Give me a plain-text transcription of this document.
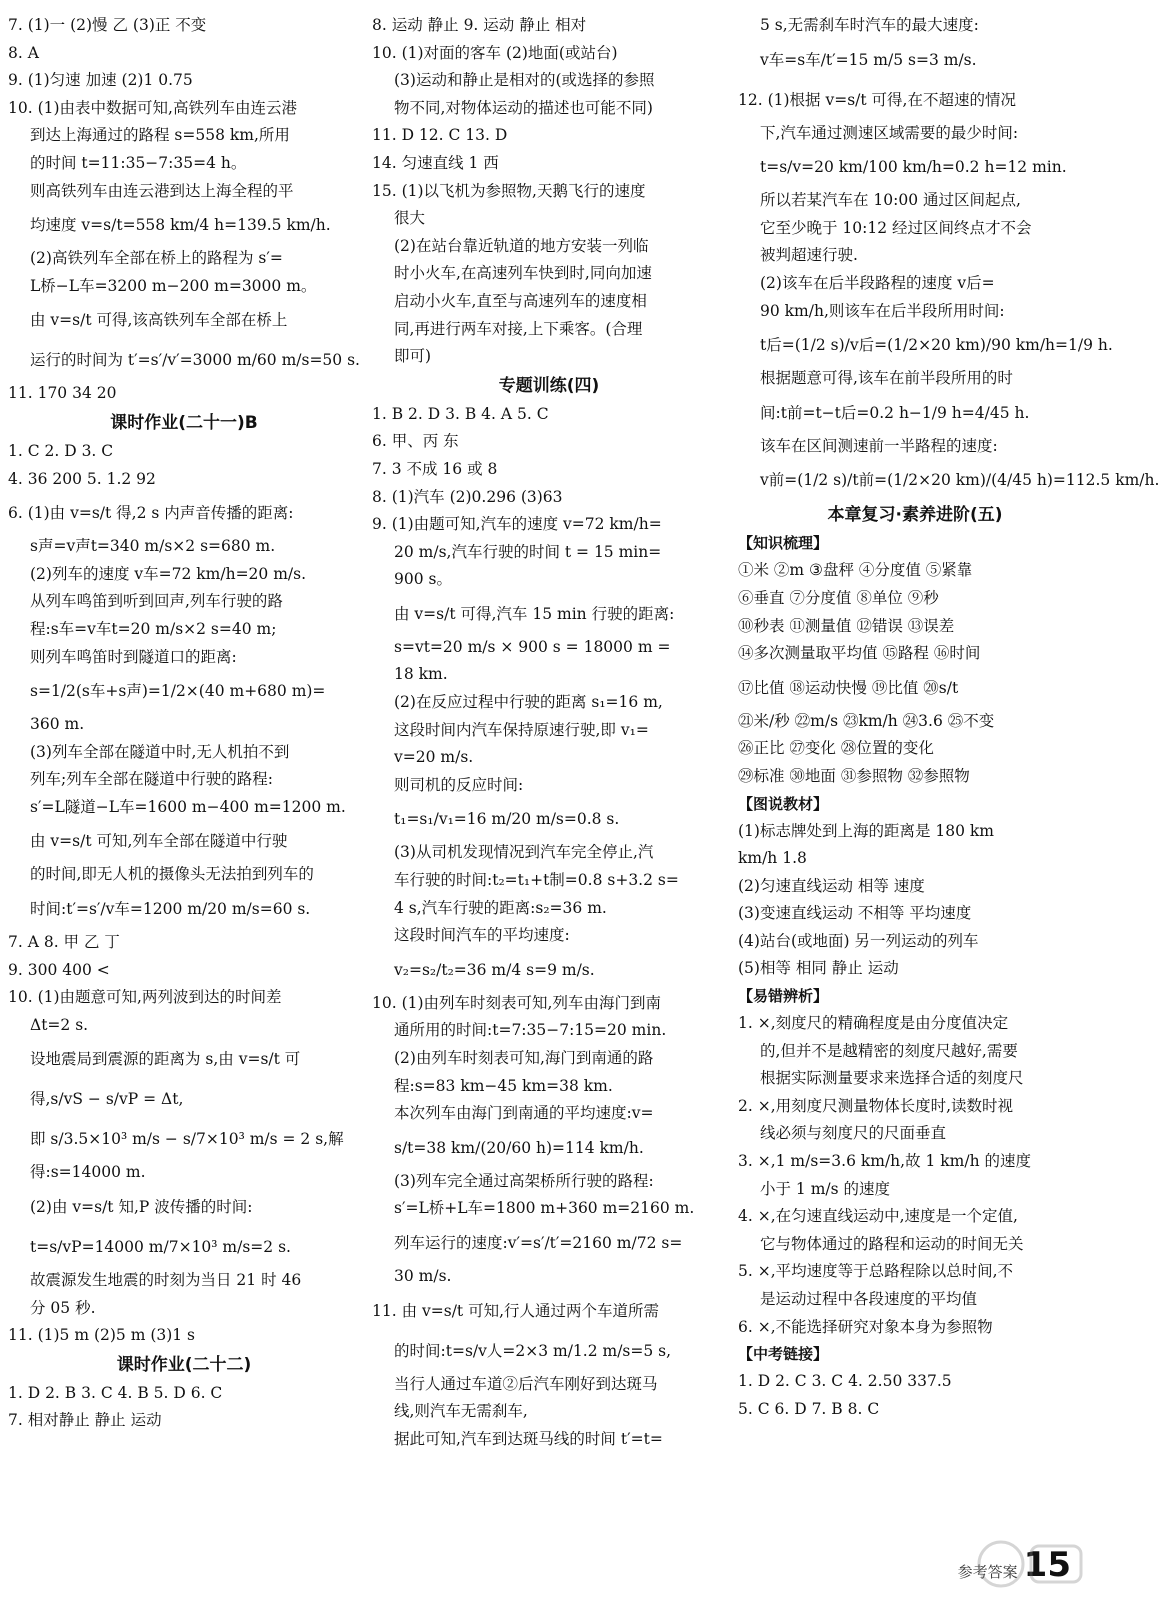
7. (1)一 (2)慢 乙 (3)正 不变
8. A
9. (1)匀速 加速 (2)1 0.75
10. (1)由表中数据可知,高铁列车由连云港
到达上海通过的路程 s=558 km,所用
的时间 t=11:35−7:35=4 h。
则高铁列车由连云港到达上海全程的平
均速度 v=s/t=558 km/4 h=139.5 km/h.
(2)高铁列车全部在桥上的路程为 s′=
L桥−L车=3200 m−200 m=3000 m。
由 v=s/t 可得,该高铁列车全部在桥上
运行的时间为 t′=s′/v′=3000 m/60 m/s=50 s.
11. 170 34 20
课时作业(二十一)B
1. C 2. D 3. C
4. 36 200 5. 1.2 92
6. (1)由 v=s/t 得,2 s 内声音传播的距离:
s声=v声t=340 m/s×2 s=680 m.
(2)列车的速度 v车=72 km/h=20 m/s.
从列车鸣笛到听到回声,列车行驶的路
程:s车=v车t=20 m/s×2 s=40 m;
则列车鸣笛时到隧道口的距离:
s=1/2(s车+s声)=1/2×(40 m+680 m)=
360 m.
(3)列车全部在隧道中时,无人机拍不到
列车;列车全部在隧道中行驶的路程:
s′=L隧道−L车=1600 m−400 m=1200 m.
由 v=s/t 可知,列车全部在隧道中行驶
的时间,即无人机的摄像头无法拍到列车的
时间:t′=s′/v车=1200 m/20 m/s=60 s.
7. A 8. 甲 乙 丁
9. 300 400 <
10. (1)由题意可知,两列波到达的时间差
Δt=2 s.
设地震局到震源的距离为 s,由 v=s/t 可
得,s/vS − s/vP = Δt,
即 s/3.5×10³ m/s − s/7×10³ m/s = 2 s,解
得:s=14000 m.
(2)由 v=s/t 知,P 波传播的时间:
t=s/vP=14000 m/7×10³ m/s=2 s.
故震源发生地震的时刻为当日 21 时 46
分 05 秒.
11. (1)5 m (2)5 m (3)1 s
课时作业(二十二)
1. D 2. B 3. C 4. B 5. D 6. C
7. 相对静止 静止 运动
8. 运动 静止 9. 运动 静止 相对
10. (1)对面的客车 (2)地面(或站台)
(3)运动和静止是相对的(或选择的参照
物不同,对物体运动的描述也可能不同)
11. D 12. C 13. D
14. 匀速直线 1 西
15. (1)以飞机为参照物,天鹅飞行的速度
很大
(2)在站台靠近轨道的地方安装一列临
时小火车,在高速列车快到时,同向加速
启动小火车,直至与高速列车的速度相
同,再进行两车对接,上下乘客。(合理
即可)
专题训练(四)
1. B 2. D 3. B 4. A 5. C
6. 甲、丙 东
7. 3 不成 16 或 8
8. (1)汽车 (2)0.296 (3)63
9. (1)由题可知,汽车的速度 v=72 km/h=
20 m/s,汽车行驶的时间 t = 15 min=
900 s。
由 v=s/t 可得,汽车 15 min 行驶的距离:
s=vt=20 m/s × 900 s = 18000 m =
18 km.
(2)在反应过程中行驶的距离 s₁=16 m,
这段时间内汽车保持原速行驶,即 v₁=
v=20 m/s.
则司机的反应时间:
t₁=s₁/v₁=16 m/20 m/s=0.8 s.
(3)从司机发现情况到汽车完全停止,汽
车行驶的时间:t₂=t₁+t制=0.8 s+3.2 s=
4 s,汽车行驶的距离:s₂=36 m.
这段时间汽车的平均速度:
v₂=s₂/t₂=36 m/4 s=9 m/s.
10. (1)由列车时刻表可知,列车由海门到南
通所用的时间:t=7:35−7:15=20 min.
(2)由列车时刻表可知,海门到南通的路
程:s=83 km−45 km=38 km.
本次列车由海门到南通的平均速度:v=
s/t=38 km/(20/60 h)=114 km/h.
(3)列车完全通过高架桥所行驶的路程:
s′=L桥+L车=1800 m+360 m=2160 m.
列车运行的速度:v′=s′/t′=2160 m/72 s=
30 m/s.
11. 由 v=s/t 可知,行人通过两个车道所需
的时间:t=s/v人=2×3 m/1.2 m/s=5 s,
当行人通过车道②后汽车刚好到达斑马
线,则汽车无需刹车,
据此可知,汽车到达斑马线的时间 t′=t=
5 s,无需刹车时汽车的最大速度:
v车=s车/t′=15 m/5 s=3 m/s.
12. (1)根据 v=s/t 可得,在不超速的情况
下,汽车通过测速区域需要的最少时间:
t=s/v=20 km/100 km/h=0.2 h=12 min.
所以若某汽车在 10:00 通过区间起点,
它至少晚于 10:12 经过区间终点才不会
被判超速行驶.
(2)该车在后半段路程的速度 v后=
90 km/h,则该车在后半段所用时间:
t后=(1/2 s)/v后=(1/2×20 km)/90 km/h=1/9 h.
根据题意可得,该车在前半段所用的时
间:t前=t−t后=0.2 h−1/9 h=4/45 h.
该车在区间测速前一半路程的速度:
v前=(1/2 s)/t前=(1/2×20 km)/(4/45 h)=112.5 km/h.
本章复习·素养进阶(五)
【知识梳理】
①米 ②m ③盘秤 ④分度值 ⑤紧靠
⑥垂直 ⑦分度值 ⑧单位 ⑨秒
⑩秒表 ⑪测量值 ⑫错误 ⑬误差
⑭多次测量取平均值 ⑮路程 ⑯时间
⑰比值 ⑱运动快慢 ⑲比值 ⑳s/t
㉑米/秒 ㉒m/s ㉓km/h ㉔3.6 ㉕不变
㉖正比 ㉗变化 ㉘位置的变化
㉙标准 ㉚地面 ㉛参照物 ㉜参照物
【图说教材】
(1)标志牌处到上海的距离是 180 km
km/h 1.8
(2)匀速直线运动 相等 速度
(3)变速直线运动 不相等 平均速度
(4)站台(或地面) 另一列运动的列车
(5)相等 相同 静止 运动
【易错辨析】
1. ×,刻度尺的精确程度是由分度值决定
的,但并不是越精密的刻度尺越好,需要
根据实际测量要求来选择合适的刻度尺
2. ×,用刻度尺测量物体长度时,读数时视
线必须与刻度尺的尺面垂直
3. ×,1 m/s=3.6 km/h,故 1 km/h 的速度
小于 1 m/s 的速度
4. ×,在匀速直线运动中,速度是一个定值,
它与物体通过的路程和运动的时间无关
5. ×,平均速度等于总路程除以总时间,不
是运动过程中各段速度的平均值
6. ×,不能选择研究对象本身为参照物
【中考链接】
1. D 2. C 3. C 4. 2.50 337.5
5. C 6. D 7. B 8. C
参考答案 15
